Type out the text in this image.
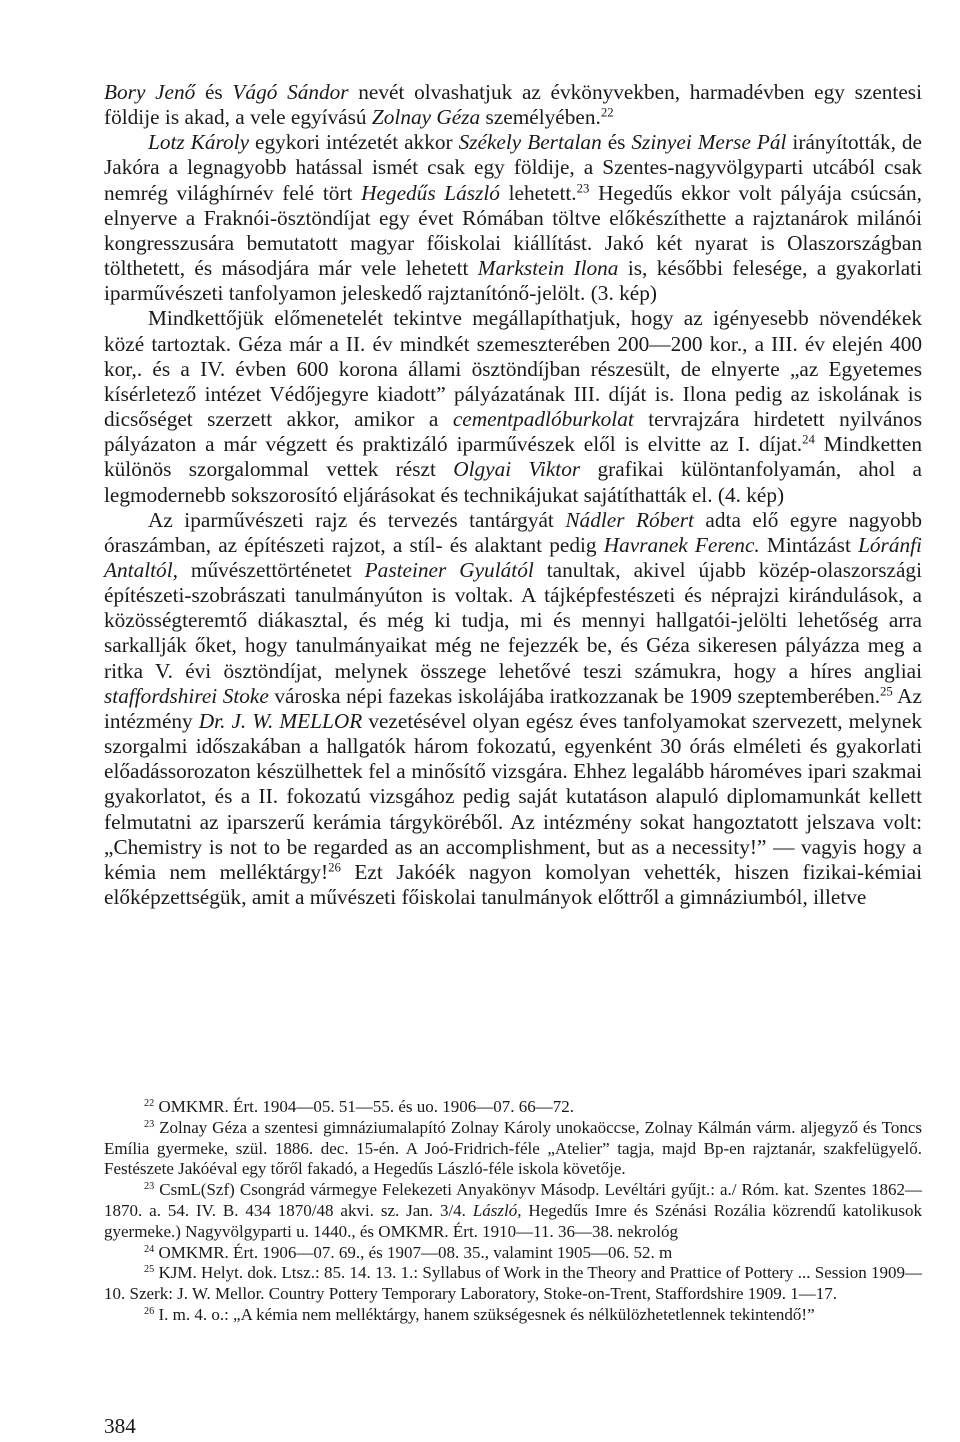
Bory Jenő és Vágó Sándor nevét olvashatjuk az évkönyvekben, harmadévben egy szentesi földije is akad, a vele egyívású Zolnay Géza személyében.$^{22}$

Lotz Károly egykori intézetét akkor Székely Bertalan és Szinyei Merse Pál irányították, de Jakóra a legnagyobb hatással ismét csak egy földije, a Szentes-nagyvölgyparti utcából csak nemrég világhírnév felé tört Hegedűs László lehetett.$^{23}$ Hegedűs ekkor volt pályája csúcsán, elnyerve a Fraknói-ösztöndíjat egy évet Rómában töltve előkészíthette a rajztanárok milánói kongresszusára bemutatott magyar főiskolai kiállítást. Jakó két nyarat is Olaszországban tölthetett, és másodjára már vele lehetett Markstein Ilona is, későbbi felesége, a gyakorlati iparművészeti tanfolyamon jeleskedő rajztanítónő-jelölt. (3. kép)

Mindkettőjük előmenetelét tekintve megállapíthatjuk, hogy az igényesebb növendékek közé tartoztak. Géza már a II. év mindkét szemeszterében 200—200 kor., a III. év elején 400 kor,. és a IV. évben 600 korona állami ösztöndíjban részesült, de elnyerte „az Egyetemes kísérletező intézet Védőjegyre kiadott” pályázatának III. díját is. Ilona pedig az iskolának is dicsőséget szerzett akkor, amikor a cementpadlóburkolat tervrajzára hirdetett nyilvános pályázaton a már végzett és praktizáló iparművészek elől is elvitte az I. díjat.$^{24}$ Mindketten különös szorgalommal vettek részt Olgyai Viktor grafikai különtanfolyamán, ahol a legmodernebb sokszorosító eljárásokat és technikájukat sajátíthatták el. (4. kép)

Az iparművészeti rajz és tervezés tantárgyát Nádler Róbert adta elő egyre nagyobb óraszámban, az építészeti rajzot, a stíl- és alaktant pedig Havranek Ferenc. Mintázást Lóránfi Antaltól, művészettörténetet Pasteiner Gyulától tanultak, akivel újabb közép-olaszországi építészeti-szobrászati tanulmányúton is voltak. A tájképfestészeti és néprajzi kirándulások, a közösségteremtő diákasztal, és még ki tudja, mi és mennyi hallgatói-jelölti lehetőség arra sarkallják őket, hogy tanulmányaikat még ne fejezzék be, és Géza sikeresen pályázza meg a ritka V. évi ösztöndíjat, melynek összege lehetővé teszi számukra, hogy a híres angliai staffordshirei Stoke városka népi fazekas iskolájába iratkozzanak be 1909 szeptemberében.$^{25}$ Az intézmény Dr. J. W. MELLOR vezetésével olyan egész éves tanfolyamokat szervezett, melynek szorgalmi időszakában a hallgatók három fokozatú, egyenként 30 órás elméleti és gyakorlati előadássorozaton készülhettek fel a minősítő vizsgára. Ehhez legalább hároméves ipari szakmai gyakorlatot, és a II. fokozatú vizsgához pedig saját kutatáson alapuló diplomamunkát kellett felmutatni az iparszerű kerámia tárgyköréből. Az intézmény sokat hangoztatott jelszava volt: „Chemistry is not to be regarded as an accomplishment, but as a necessity!” — vagyis hogy a kémia nem melléktárgy!$^{26}$ Ezt Jakóék nagyon komolyan vehették, hiszen fizikai-kémiai előképzettségük, amit a művészeti főiskolai tanulmányok előttről a gimnáziumból, illetve

$^{22}$ OMKMR. Ért. 1904—05. 51—55. és uo. 1906—07. 66—72.

$^{23}$ Zolnay Géza a szentesi gimnáziumalapító Zolnay Károly unokaöccse, Zolnay Kálmán várm. aljegyző és Toncs Emília gyermeke, szül. 1886. dec. 15-én. A Joó-Fridrich-féle „Atelier” tagja, majd Bp-en rajztanár, szakfelügyelő. Festészete Jakóéval egy tőről fakadó, a Hegedűs László-féle iskola követője.

$^{23}$ CsmL(Szf) Csongrád vármegye Felekezeti Anyakönyv Másodp. Levéltári gyűjt.: a./ Róm. kat. Szentes 1862—1870. a. 54. IV. B. 434 1870/48 akvi. sz. Jan. 3/4. László, Hegedűs Imre és Szénási Rozália közrendű katolikusok gyermeke.) Nagyvölgyparti u. 1440., és OMKMR. Ért. 1910—11. 36—38. nekrológ

$^{24}$ OMKMR. Ért. 1906—07. 69., és 1907—08. 35., valamint 1905—06. 52. m

$^{25}$ KJM. Helyt. dok. Ltsz.: 85. 14. 13. 1.: Syllabus of Work in the Theory and Prattice of Pottery ... Session 1909—10. Szerk: J. W. Mellor. Country Pottery Temporary Laboratory, Stoke-on-Trent, Staffordshire 1909. 1—17.

$^{26}$ I. m. 4. o.: „A kémia nem melléktárgy, hanem szükségesnek és nélkülözhetetlennek tekintendő!”

384
